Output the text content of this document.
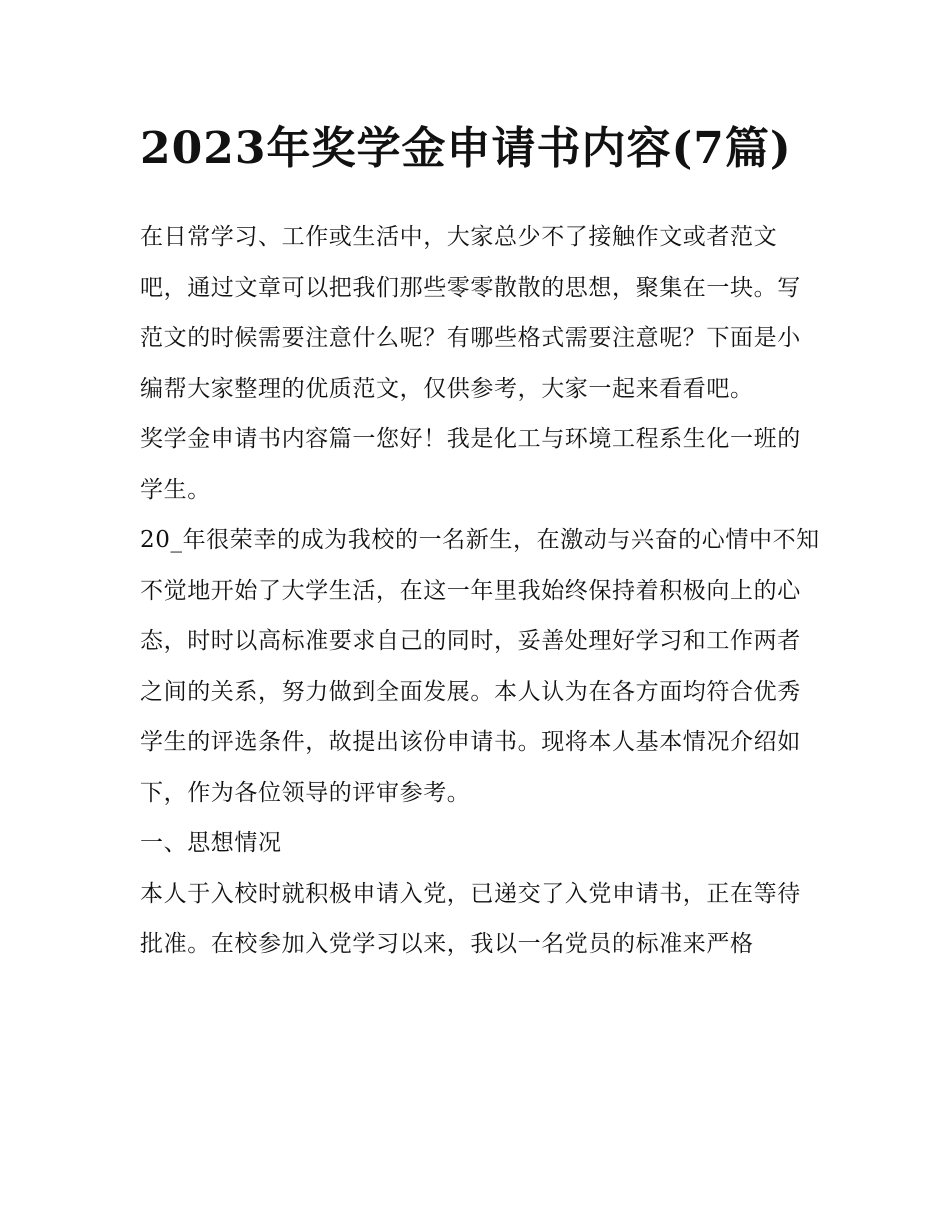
2023年奖学金申请书内容(7篇)

在日常学习、工作或生活中，大家总少不了接触作文或者范文吧，通过文章可以把我们那些零零散散的思想，聚集在一块。写范文的时候需要注意什么呢？有哪些格式需要注意呢？下面是小编帮大家整理的优质范文，仅供参考，大家一起来看看吧。

奖学金申请书内容篇一您好！我是化工与环境工程系生化一班的学生。

20_年很荣幸的成为我校的一名新生，在激动与兴奋的心情中不知不觉地开始了大学生活，在这一年里我始终保持着积极向上的心态，时时以高标准要求自己的同时，妥善处理好学习和工作两者之间的关系，努力做到全面发展。本人认为在各方面均符合优秀学生的评选条件，故提出该份申请书。现将本人基本情况介绍如下，作为各位领导的评审参考。

一、思想情况

本人于入校时就积极申请入党，已递交了入党申请书，正在等待批准。在校参加入党学习以来，我以一名党员的标准来严格
